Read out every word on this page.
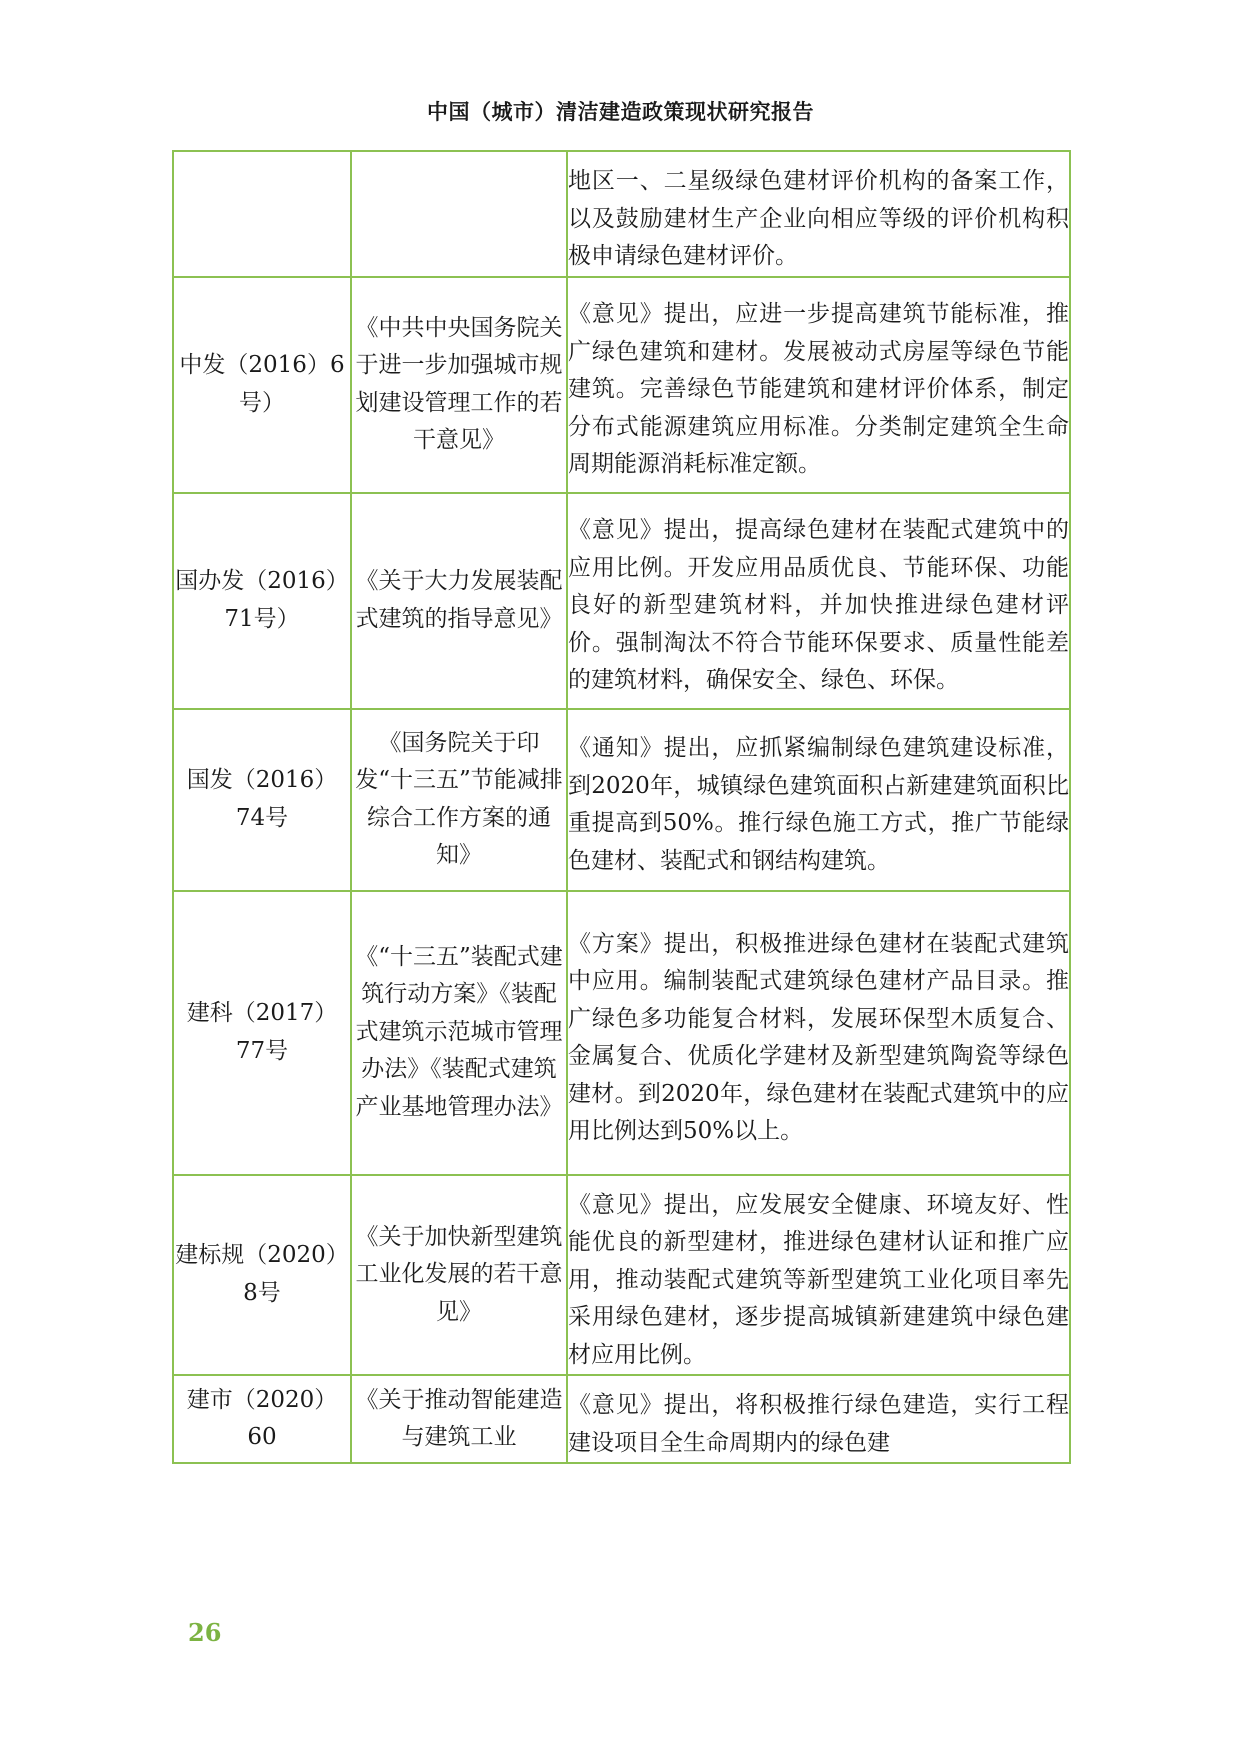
中国（城市）清洁建造政策现状研究报告

		地区一、二星级绿色建材评价机构的备案工作，以及鼓励建材生产企业向相应等级的评价机构积极申请绿色建材评价。

中发（2016）6号）	《中共中央国务院关于进一步加强城市规划建设管理工作的若干意见》	《意见》提出，应进一步提高建筑节能标准，推广绿色建筑和建材。发展被动式房屋等绿色节能建筑。完善绿色节能建筑和建材评价体系，制定分布式能源建筑应用标准。分类制定建筑全生命周期能源消耗标准定额。

国办发（2016）71号）	《关于大力发展装配式建筑的指导意见》	《意见》提出，提高绿色建材在装配式建筑中的应用比例。开发应用品质优良、节能环保、功能良好的新型建筑材料，并加快推进绿色建材评价。强制淘汰不符合节能环保要求、质量性能差的建筑材料，确保安全、绿色、环保。

国发（2016）74号	《国务院关于印发“十三五”节能减排综合工作方案的通知》	《通知》提出，应抓紧编制绿色建筑建设标准，到2020年，城镇绿色建筑面积占新建建筑面积比重提高到50%。推行绿色施工方式，推广节能绿色建材、装配式和钢结构建筑。

建科（2017）77号	《“十三五”装配式建筑行动方案》《装配式建筑示范城市管理办法》《装配式建筑产业基地管理办法》	《方案》提出，积极推进绿色建材在装配式建筑中应用。编制装配式建筑绿色建材产品目录。推广绿色多功能复合材料，发展环保型木质复合、金属复合、优质化学建材及新型建筑陶瓷等绿色建材。到2020年，绿色建材在装配式建筑中的应用比例达到50%以上。

建标规（2020）8号	《关于加快新型建筑工业化发展的若干意见》	《意见》提出，应发展安全健康、环境友好、性能优良的新型建材，推进绿色建材认证和推广应用，推动装配式建筑等新型建筑工业化项目率先采用绿色建材，逐步提高城镇新建建筑中绿色建材应用比例。

建市（2020）60	《关于推动智能建造与建筑工业	《意见》提出，将积极推行绿色建造，实行工程建设项目全生命周期内的绿色建
26
